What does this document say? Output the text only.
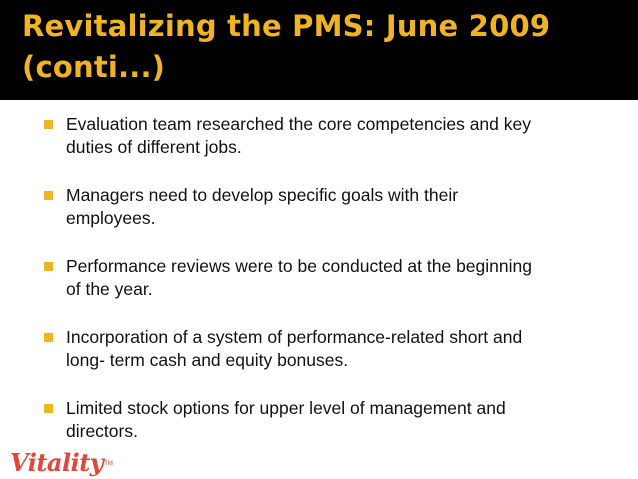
Revitalizing the PMS: June 2009
(conti...)
Evaluation team researched the core competencies and key
duties of different jobs.
Managers need to develop specific goals with their
employees.
Performance reviews were to be conducted at the beginning
of the year.
Incorporation of a system of performance-related short and
long- term cash and equity bonuses.
Limited stock options for upper level of management and
directors.
Vitality TM
